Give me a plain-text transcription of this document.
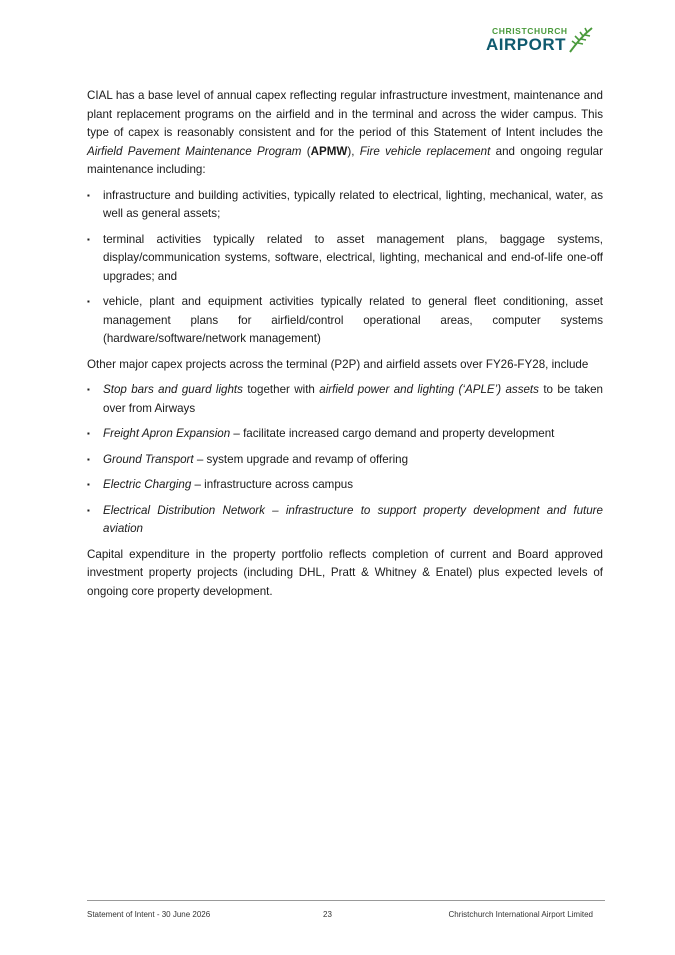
CHRISTCHURCH
AIRPORT

CIAL has a base level of annual capex reflecting regular infrastructure investment, maintenance and plant replacement programs on the airfield and in the terminal and across the wider campus. This type of capex is reasonably consistent and for the period of this Statement of Intent includes the Airfield Pavement Maintenance Program (APMW), Fire vehicle replacement and ongoing regular maintenance including:

▪ infrastructure and building activities, typically related to electrical, lighting, mechanical, water, as well as general assets;
▪ terminal activities typically related to asset management plans, baggage systems, display/communication systems, software, electrical, lighting, mechanical and end-of-life one-off upgrades; and
▪ vehicle, plant and equipment activities typically related to general fleet conditioning, asset management plans for airfield/control operational areas, computer systems (hardware/software/network management)

Other major capex projects across the terminal (P2P) and airfield assets over FY26-FY28, include

▪ Stop bars and guard lights together with airfield power and lighting (‘APLE’) assets to be taken over from Airways
▪ Freight Apron Expansion – facilitate increased cargo demand and property development
▪ Ground Transport – system upgrade and revamp of offering
▪ Electric Charging – infrastructure across campus
▪ Electrical Distribution Network – infrastructure to support property development and future aviation

Capital expenditure in the property portfolio reflects completion of current and Board approved investment property projects (including DHL, Pratt & Whitney & Enatel) plus expected levels of ongoing core property development.

Statement of Intent - 30 June 2026	23	Christchurch International Airport Limited
